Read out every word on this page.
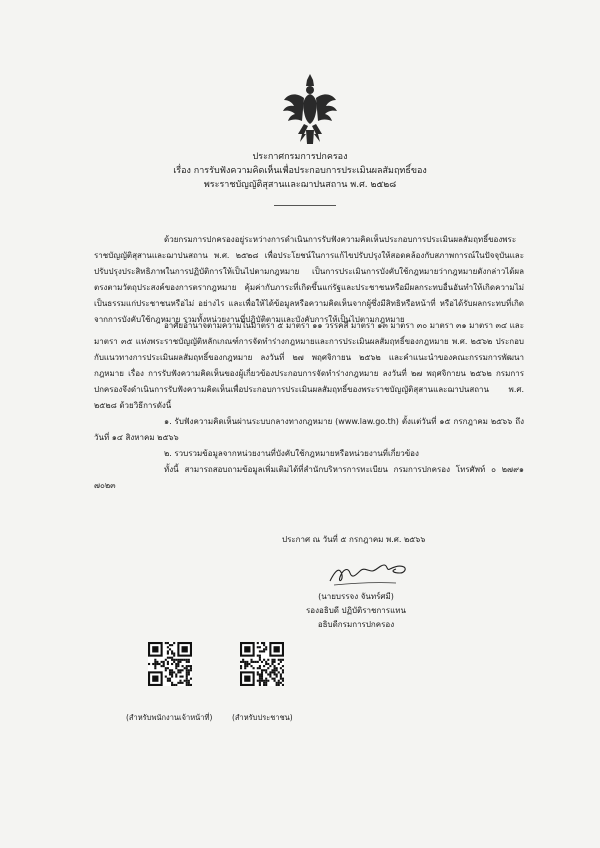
ประกาศกรมการปกครอง
เรื่อง การรับฟังความคิดเห็นเพื่อประกอบการประเมินผลสัมฤทธิ์ของ
พระราชบัญญัติสุสานและฌาปนสถาน พ.ศ. ๒๕๒๘

ด้วยกรมการปกครองอยู่ระหว่างการดำเนินการรับฟังความคิดเห็นประกอบการประเมินผลสัมฤทธิ์ของพระราชบัญญัติสุสานและฌาปนสถาน พ.ศ. ๒๕๒๘ เพื่อประโยชน์ในการแก้ไขปรับปรุงให้สอดคล้องกับสภาพการณ์ในปัจจุบันและปรับปรุงประสิทธิภาพในการปฏิบัติการให้เป็นไปตามกฎหมาย เป็นการประเมินการบังคับใช้กฎหมายว่ากฎหมายดังกล่าวได้ผลตรงตามวัตถุประสงค์ของการตรากฎหมาย คุ้มค่ากับภาระที่เกิดขึ้นแก่รัฐและประชาชนหรือมีผลกระทบอื่นอันทำให้เกิดความไม่เป็นธรรมแก่ประชาชนหรือไม่ อย่างไร และเพื่อให้ได้ข้อมูลหรือความคิดเห็นจากผู้ซึ่งมีสิทธิหรือหน้าที่ หรือได้รับผลกระทบที่เกิดจากการบังคับใช้กฎหมาย รวมทั้งหน่วยงานที่ปฏิบัติตามและบังคับการให้เป็นไปตามกฎหมาย

อาศัยอำนาจตามความในมาตรา ๕ มาตรา ๑๑ วรรคสี่ มาตรา ๑๓ มาตรา ๓๐ มาตรา ๓๑ มาตรา ๓๔ และมาตรา ๓๕ แห่งพระราชบัญญัติหลักเกณฑ์การจัดทำร่างกฎหมายและการประเมินผลสัมฤทธิ์ของกฎหมาย พ.ศ. ๒๕๖๒ ประกอบกับแนวทางการประเมินผลสัมฤทธิ์ของกฎหมาย ลงวันที่ ๒๗ พฤศจิกายน ๒๕๖๒ และคำแนะนำของคณะกรรมการพัฒนากฎหมาย เรื่อง การรับฟังความคิดเห็นของผู้เกี่ยวข้องประกอบการจัดทำร่างกฎหมาย ลงวันที่ ๒๗ พฤศจิกายน ๒๕๖๒ กรมการปกครองจึงดำเนินการรับฟังความคิดเห็นเพื่อประกอบการประเมินผลสัมฤทธิ์ของพระราชบัญญัติสุสานและฌาปนสถาน พ.ศ. ๒๕๒๘ ด้วยวิธีการดังนี้

๑. รับฟังความคิดเห็นผ่านระบบกลางทางกฎหมาย (www.law.go.th) ตั้งแต่วันที่ ๑๕ กรกฎาคม ๒๕๖๖ ถึงวันที่ ๑๔ สิงหาคม ๒๕๖๖

๒. รวบรวมข้อมูลจากหน่วยงานที่บังคับใช้กฎหมายหรือหน่วยงานที่เกี่ยวข้อง

ทั้งนี้ สามารถสอบถามข้อมูลเพิ่มเติมได้ที่สำนักบริหารการทะเบียน กรมการปกครอง โทรศัพท์ ๐ ๒๗๙๑ ๗๐๒๓

ประกาศ ณ วันที่ ๕ กรกฎาคม พ.ศ. ๒๕๖๖
(นายบรรจง จันทร์ศมี)
รองอธิบดี ปฏิบัติราชการแทน
อธิบดีกรมการปกครอง
(สำหรับพนักงานเจ้าหน้าที่)	(สำหรับประชาชน)
